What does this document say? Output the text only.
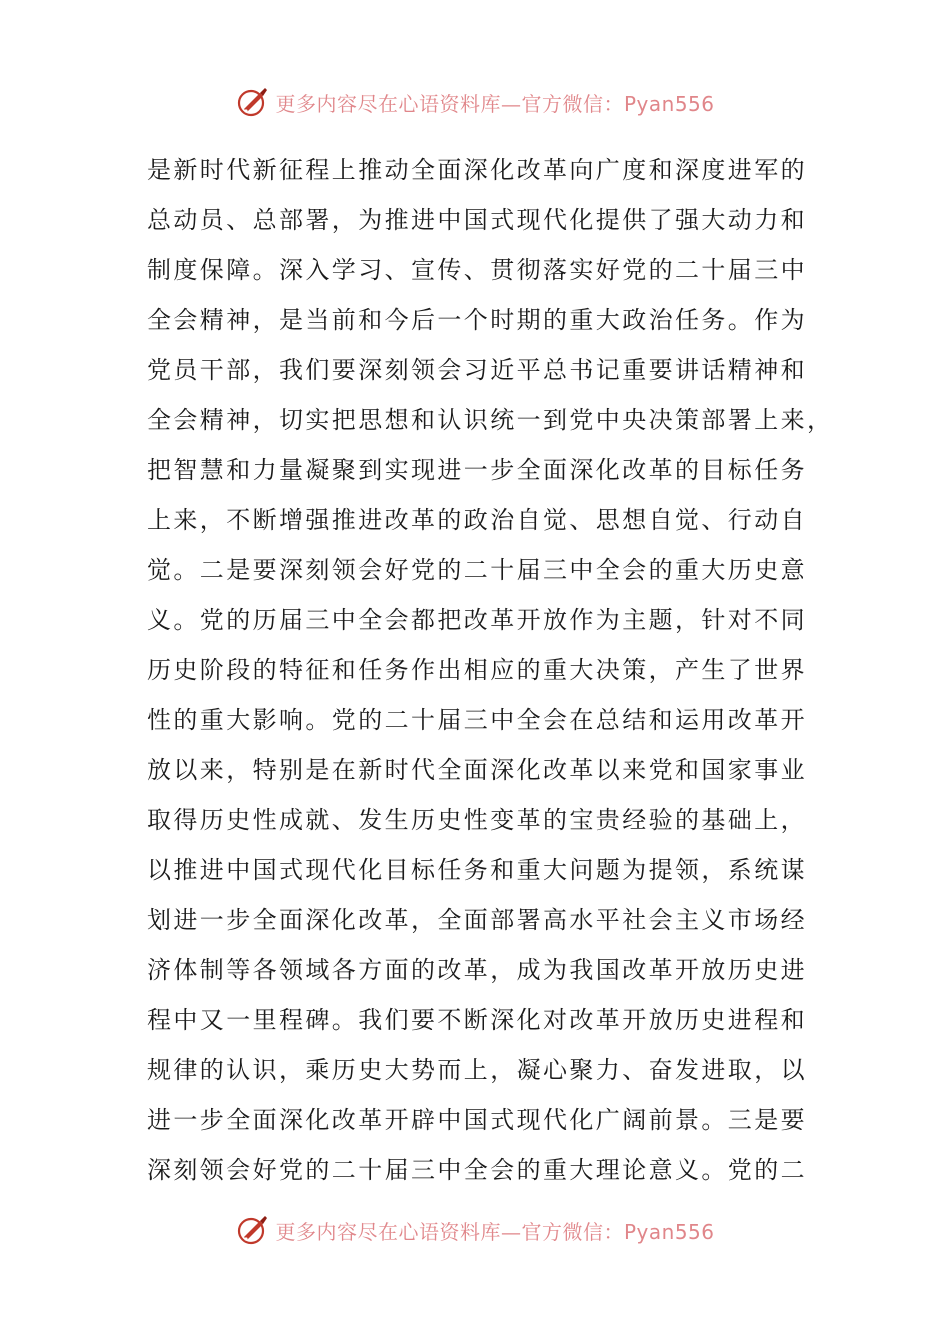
更多内容尽在心语资料库—官方微信：Pyan556
是新时代新征程上推动全面深化改革向广度和深度进军的
总动员、总部署，为推进中国式现代化提供了强大动力和
制度保障。深入学习、宣传、贯彻落实好党的二十届三中
全会精神，是当前和今后一个时期的重大政治任务。作为
党员干部，我们要深刻领会习近平总书记重要讲话精神和
全会精神，切实把思想和认识统一到党中央决策部署上来，
把智慧和力量凝聚到实现进一步全面深化改革的目标任务
上来，不断增强推进改革的政治自觉、思想自觉、行动自
觉。二是要深刻领会好党的二十届三中全会的重大历史意
义。党的历届三中全会都把改革开放作为主题，针对不同
历史阶段的特征和任务作出相应的重大决策，产生了世界
性的重大影响。党的二十届三中全会在总结和运用改革开
放以来，特别是在新时代全面深化改革以来党和国家事业
取得历史性成就、发生历史性变革的宝贵经验的基础上，
以推进中国式现代化目标任务和重大问题为提领，系统谋
划进一步全面深化改革，全面部署高水平社会主义市场经
济体制等各领域各方面的改革，成为我国改革开放历史进
程中又一里程碑。我们要不断深化对改革开放历史进程和
规律的认识，乘历史大势而上，凝心聚力、奋发进取，以
进一步全面深化改革开辟中国式现代化广阔前景。三是要
深刻领会好党的二十届三中全会的重大理论意义。党的二
更多内容尽在心语资料库—官方微信：Pyan556
